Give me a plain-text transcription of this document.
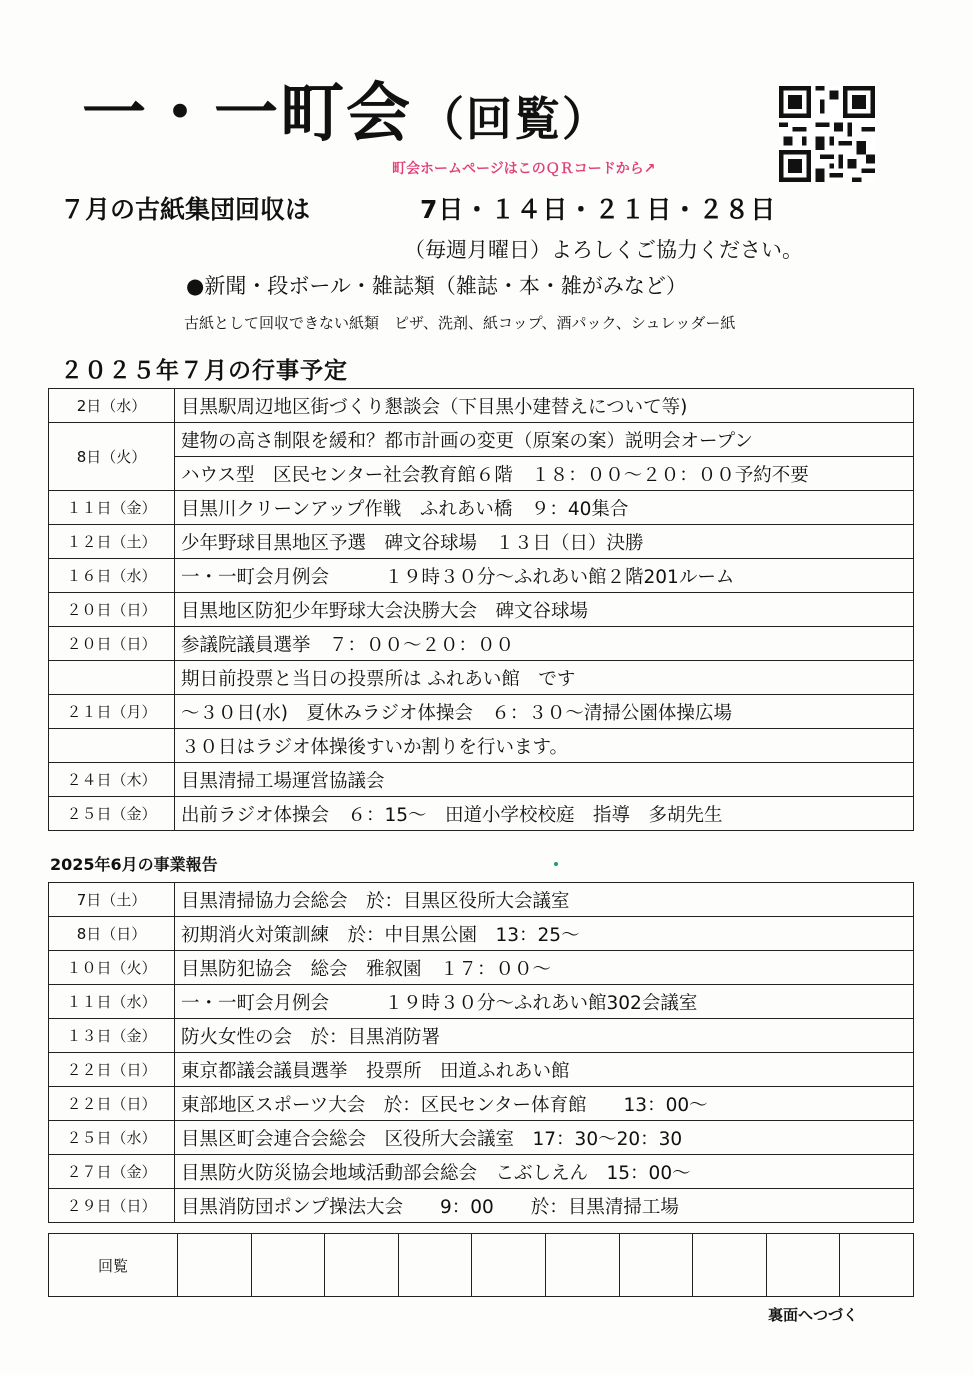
一・一町会 （回覧）
町会ホームページはこのＱＲコードから↗
７月の古紙集団回収は	7日・１４日・２１日・２８日
（毎週月曜日）よろしくご協力ください。
●新聞・段ボール・雑誌類（雑誌・本・雑がみなど）
古紙として回収できない紙類　ピザ、洗剤、紙コップ、酒パック、シュレッダー紙
２０２５年７月の行事予定
2日（水）	目黒駅周辺地区街づくり懇談会（下目黒小建替えについて等)
8日（火）	建物の高さ制限を緩和？都市計画の変更（原案の案）説明会オープン
	ハウス型　区民センター社会教育館６階　１８：００～２０：００予約不要
１１日（金）	目黒川クリーンアップ作戦　ふれあい橋　９：40集合
１２日（土）	少年野球目黒地区予選　碑文谷球場　１３日（日）決勝
１６日（水）	一・一町会月例会　　　１９時３０分～ふれあい館２階201ルーム
２０日（日）	目黒地区防犯少年野球大会決勝大会　碑文谷球場
２０日（日）	参議院議員選挙　７：００～２０：００
	期日前投票と当日の投票所は ふれあい館　です
２１日（月）	～３０日(水)　夏休みラジオ体操会　６：３０～清掃公園体操広場
	３０日はラジオ体操後すいか割りを行います。
２４日（木）	目黒清掃工場運営協議会
２５日（金）	出前ラジオ体操会　６：15～　田道小学校校庭　指導　多胡先生
2025年6月の事業報告
7日（土）	目黒清掃協力会総会　於：目黒区役所大会議室
8日（日）	初期消火対策訓練　於：中目黒公園　13：25～
１０日（火）	目黒防犯協会　総会　雅叙園　１７：００～
１１日（水）	一・一町会月例会　　　１９時３０分～ふれあい館302会議室
１３日（金）	防火女性の会　於：目黒消防署
２２日（日）	東京都議会議員選挙　投票所　田道ふれあい館
２２日（日）	東部地区スポーツ大会　於：区民センター体育館　　13：00～
２５日（水）	目黒区町会連合会総会　区役所大会議室　17：30～20：30
２７日（金）	目黒防火防災協会地域活動部会総会　こぶしえん　15：00～
２９日（日）	目黒消防団ポンプ操法大会　　9：00　　於：目黒清掃工場
回覧										
裏面へつづく
